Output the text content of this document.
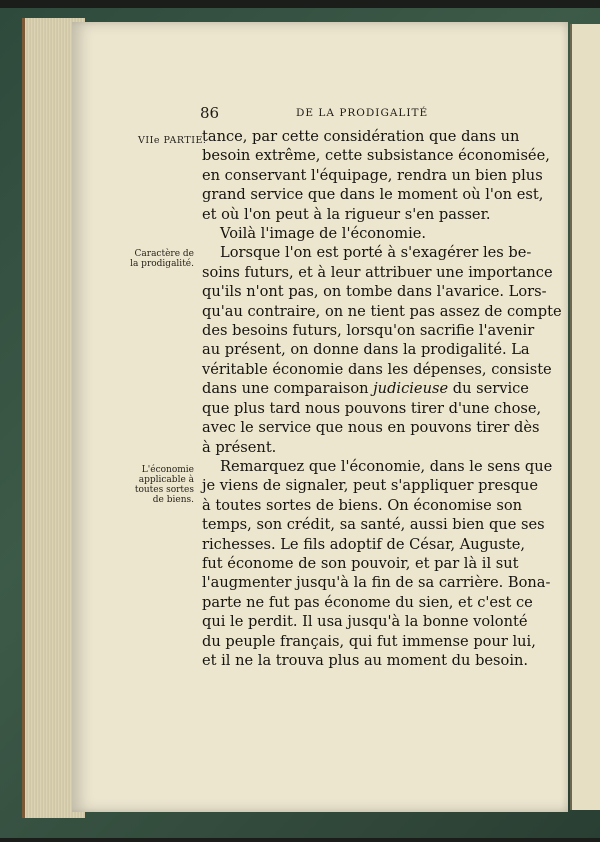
86	DE LA PRODIGALITÉ
VIIe PARTIE.
Caractère de
la prodigalité.
L'économie
applicable à
toutes sortes
de biens.
tance, par cette considération que dans un
besoin extrême, cette subsistance économisée,
en conservant l'équipage, rendra un bien plus
grand service que dans le moment où l'on est,
et où l'on peut à la rigueur s'en passer.
Voilà l'image de l'économie.
Lorsque l'on est porté à s'exagérer les be-
soins futurs, et à leur attribuer une importance
qu'ils n'ont pas, on tombe dans l'avarice. Lors-
qu'au contraire, on ne tient pas assez de compte
des besoins futurs, lorsqu'on sacrifie l'avenir
au présent, on donne dans la prodigalité. La
véritable économie dans les dépenses, consiste
dans une comparaison judicieuse du service
que plus tard nous pouvons tirer d'une chose,
avec le service que nous en pouvons tirer dès
à présent.
Remarquez que l'économie, dans le sens que
je viens de signaler, peut s'appliquer presque
à toutes sortes de biens. On économise son
temps, son crédit, sa santé, aussi bien que ses
richesses. Le fils adoptif de César, Auguste,
fut économe de son pouvoir, et par là il sut
l'augmenter jusqu'à la fin de sa carrière. Bona-
parte ne fut pas économe du sien, et c'est ce
qui le perdit. Il usa jusqu'à la bonne volonté
du peuple français, qui fut immense pour lui,
et il ne la trouva plus au moment du besoin.
